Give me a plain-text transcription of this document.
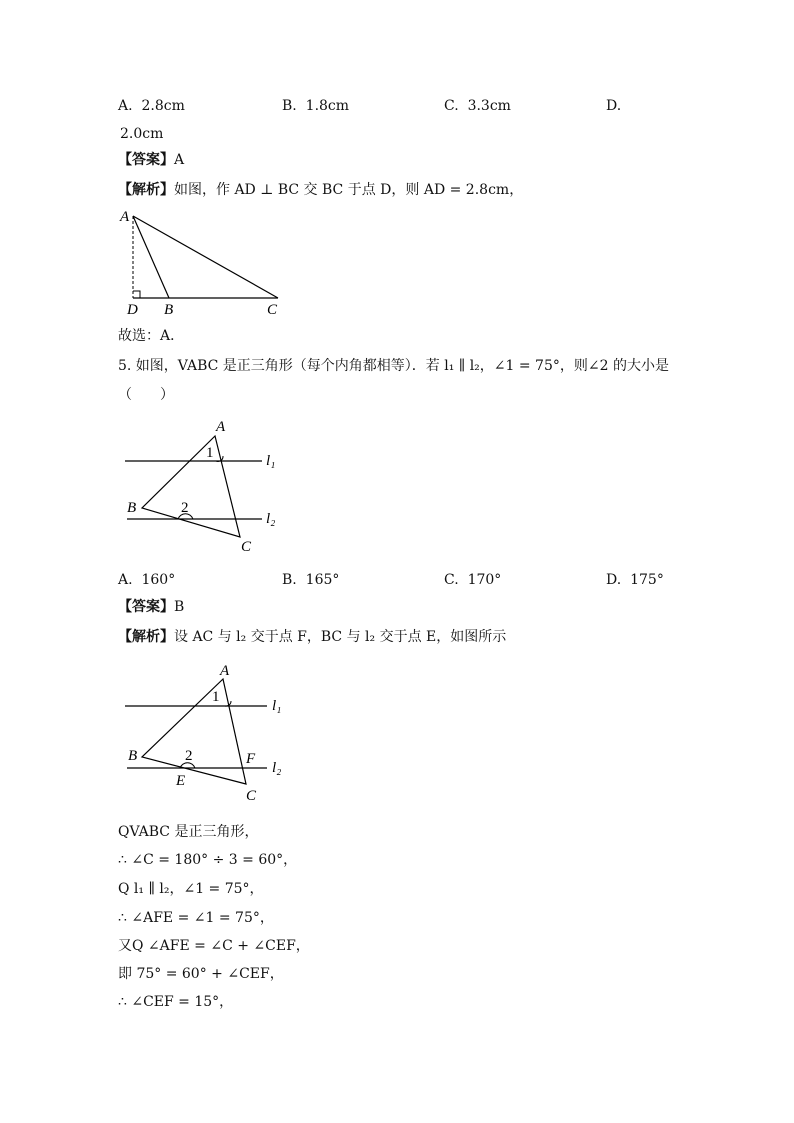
A. 2.8cm	B. 1.8cm	C. 3.3cm	D.
2.0cm
【答案】A
【解析】如图，作 AD ⊥ BC 交 BC 于点 D，则 AD = 2.8cm，
A
D B	C
故选：A．
5. 如图，VABC 是正三角形（每个内角都相等）．若 l₁ ∥ l₂，∠1 = 75°，则∠2 的大小是
（　　）
A
B
C
1
2
l₁
l₂
A. 160°	B. 165°	C. 170°	D. 175°
【答案】B
【解析】设 AC 与 l₂ 交于点 F，BC 与 l₂ 交于点 E，如图所示
A
B
C
E
F
1
2
l₁
l₂
QVABC 是正三角形，
∴ ∠C = 180° ÷ 3 = 60°，
Q l₁ ∥ l₂，∠1 = 75°，
∴ ∠AFE = ∠1 = 75°，
又Q ∠AFE = ∠C + ∠CEF，
即 75° = 60° + ∠CEF，
∴ ∠CEF = 15°，
